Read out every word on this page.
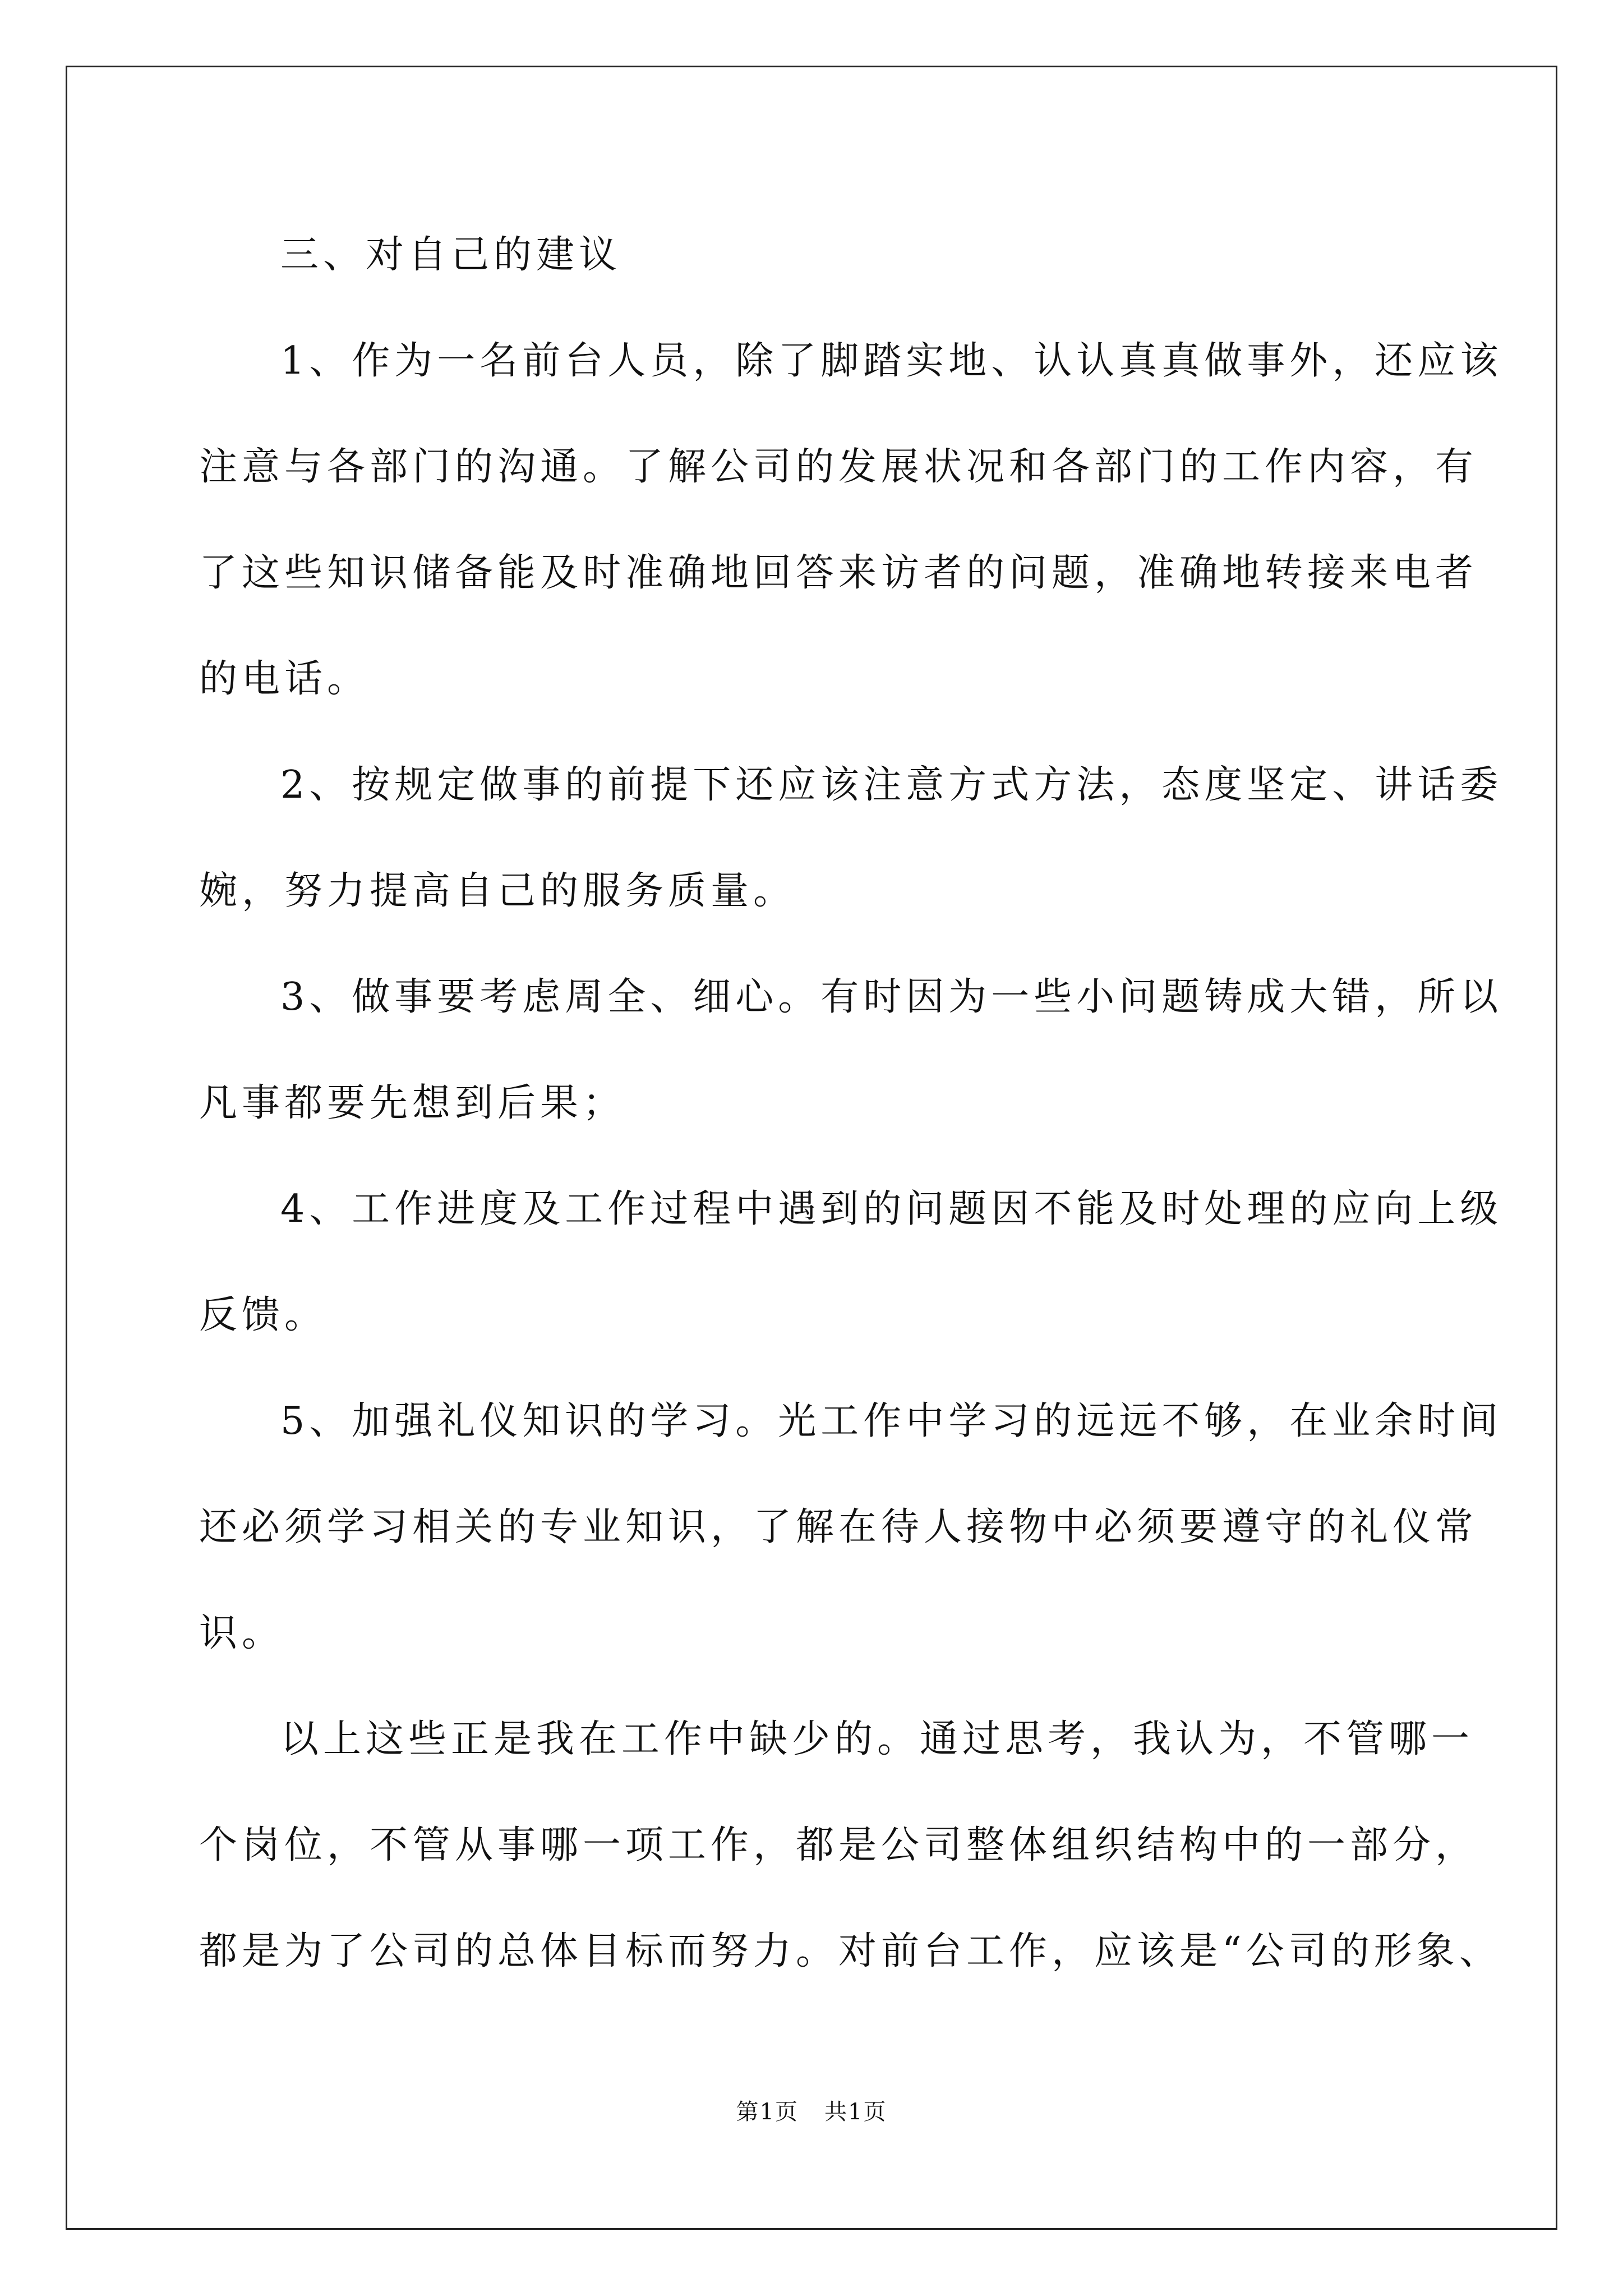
三、对自己的建议
1、作为一名前台人员，除了脚踏实地、认认真真做事外，还应该
注意与各部门的沟通。了解公司的发展状况和各部门的工作内容，有
了这些知识储备能及时准确地回答来访者的问题，准确地转接来电者
的电话。
2、按规定做事的前提下还应该注意方式方法，态度坚定、讲话委
婉，努力提高自己的服务质量。
3、做事要考虑周全、细心。有时因为一些小问题铸成大错，所以
凡事都要先想到后果；
4、工作进度及工作过程中遇到的问题因不能及时处理的应向上级
反馈。
5、加强礼仪知识的学习。光工作中学习的远远不够，在业余时间
还必须学习相关的专业知识，了解在待人接物中必须要遵守的礼仪常
识。
以上这些正是我在工作中缺少的。通过思考，我认为，不管哪一
个岗位，不管从事哪一项工作，都是公司整体组织结构中的一部分，
都是为了公司的总体目标而努力。对前台工作，应该是“公司的形象、
第1页 共1页
